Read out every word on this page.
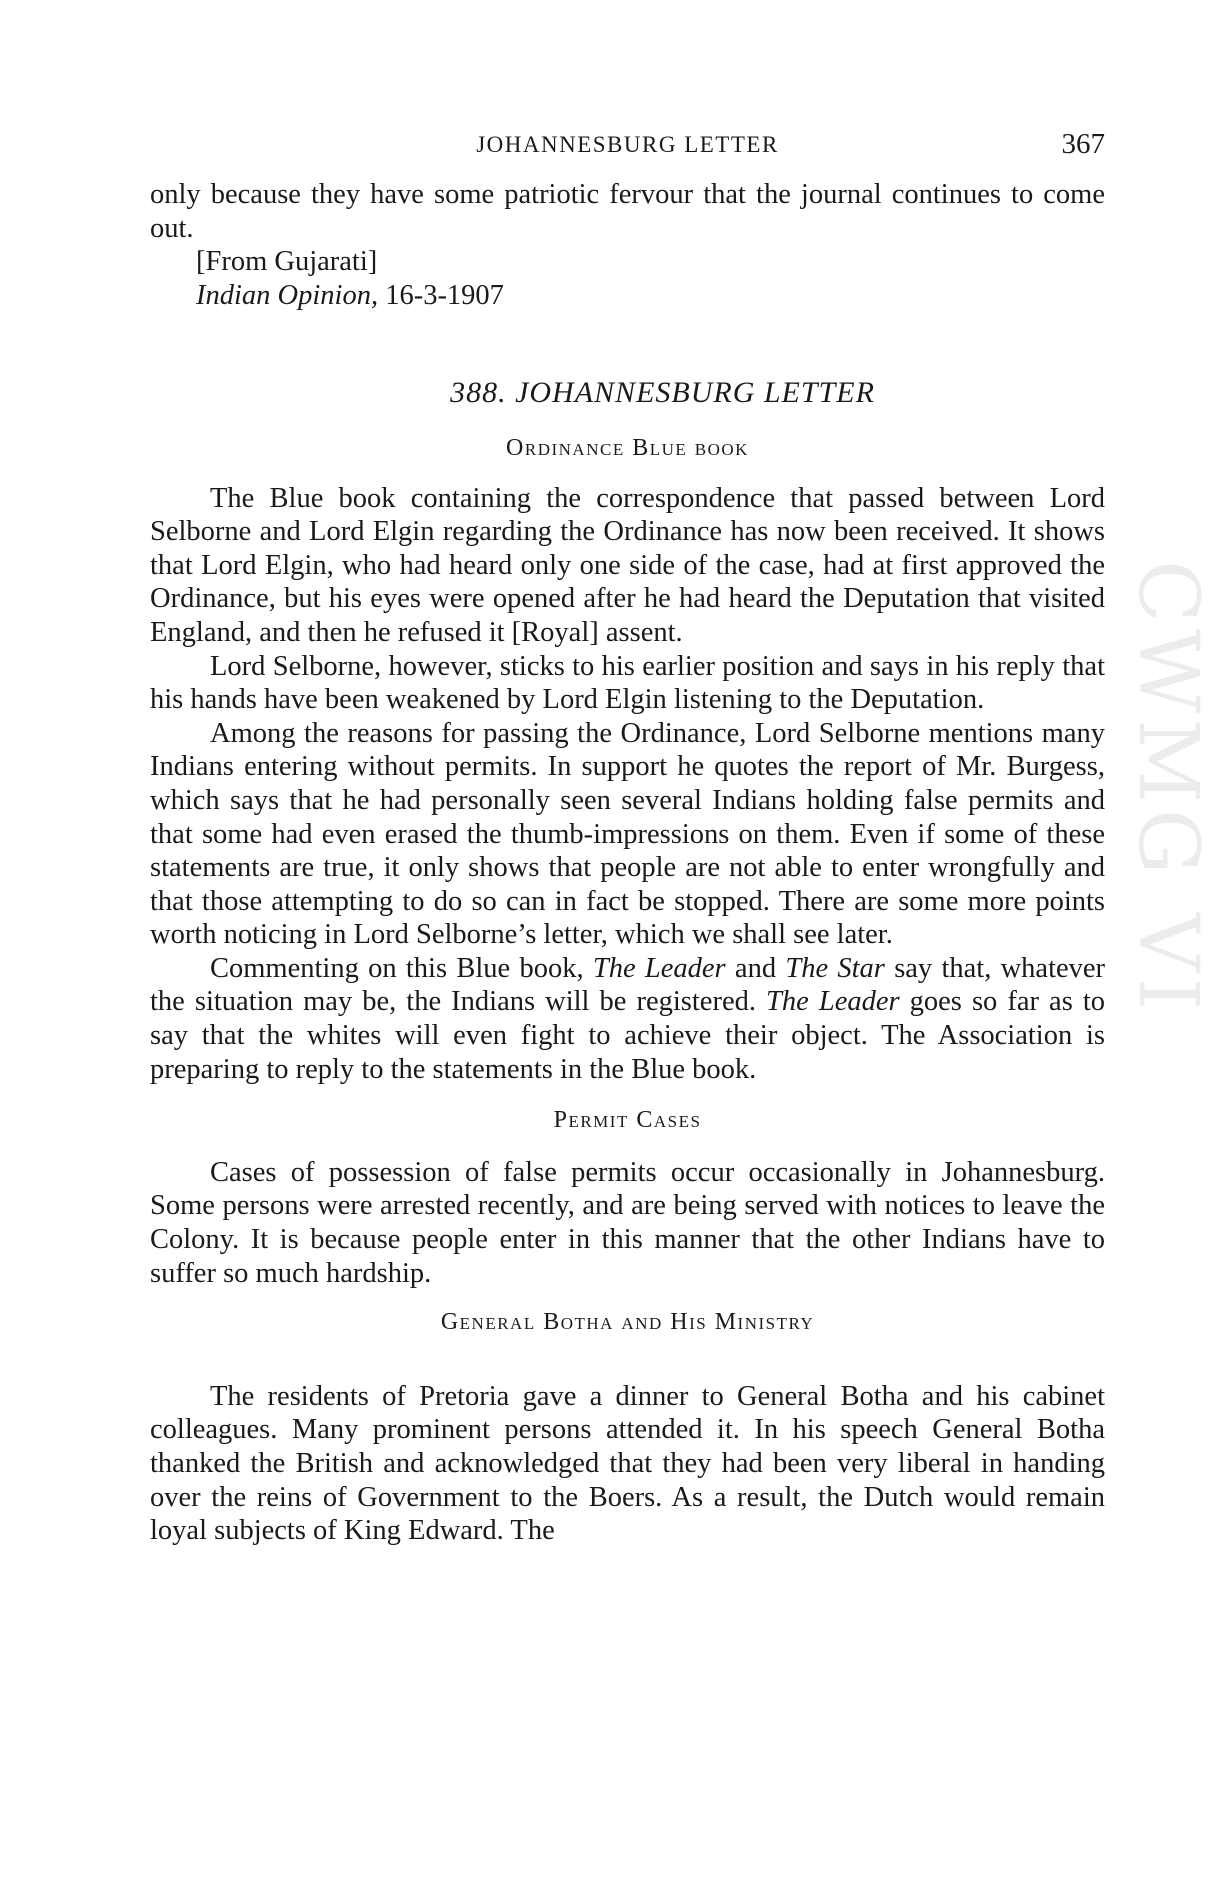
CWMG VI
JOHANNESBURG LETTER	367

only because they have some patriotic fervour that the journal continues to come out.

[From Gujarati]

Indian Opinion, 16-3-1907

388. JOHANNESBURG LETTER
Ordinance Blue book

The Blue book containing the correspondence that passed between Lord Selborne and Lord Elgin regarding the Ordinance has now been received. It shows that Lord Elgin, who had heard only one side of the case, had at first approved the Ordinance, but his eyes were opened after he had heard the Deputation that visited England, and then he refused it [Royal] assent.

Lord Selborne, however, sticks to his earlier position and says in his reply that his hands have been weakened by Lord Elgin listening to the Deputation.

Among the reasons for passing the Ordinance, Lord Selborne mentions many Indians entering without permits. In support he quotes the report of Mr. Burgess, which says that he had personally seen several Indians holding false permits and that some had even erased the thumb-impressions on them. Even if some of these statements are true, it only shows that people are not able to enter wrongfully and that those attempting to do so can in fact be stopped. There are some more points worth noticing in Lord Selborne’s letter, which we shall see later.

Commenting on this Blue book, The Leader and The Star say that, whatever the situation may be, the Indians will be registered. The Leader goes so far as to say that the whites will even fight to achieve their object. The Association is preparing to reply to the statements in the Blue book.

Permit Cases

Cases of possession of false permits occur occasionally in Johannesburg. Some persons were arrested recently, and are being served with notices to leave the Colony. It is because people enter in this manner that the other Indians have to suffer so much hardship.

General Botha and His Ministry

The residents of Pretoria gave a dinner to General Botha and his cabinet colleagues. Many prominent persons attended it. In his speech General Botha thanked the British and acknowledged that they had been very liberal in handing over the reins of Government to the Boers. As a result, the Dutch would remain loyal subjects of King Edward. The
